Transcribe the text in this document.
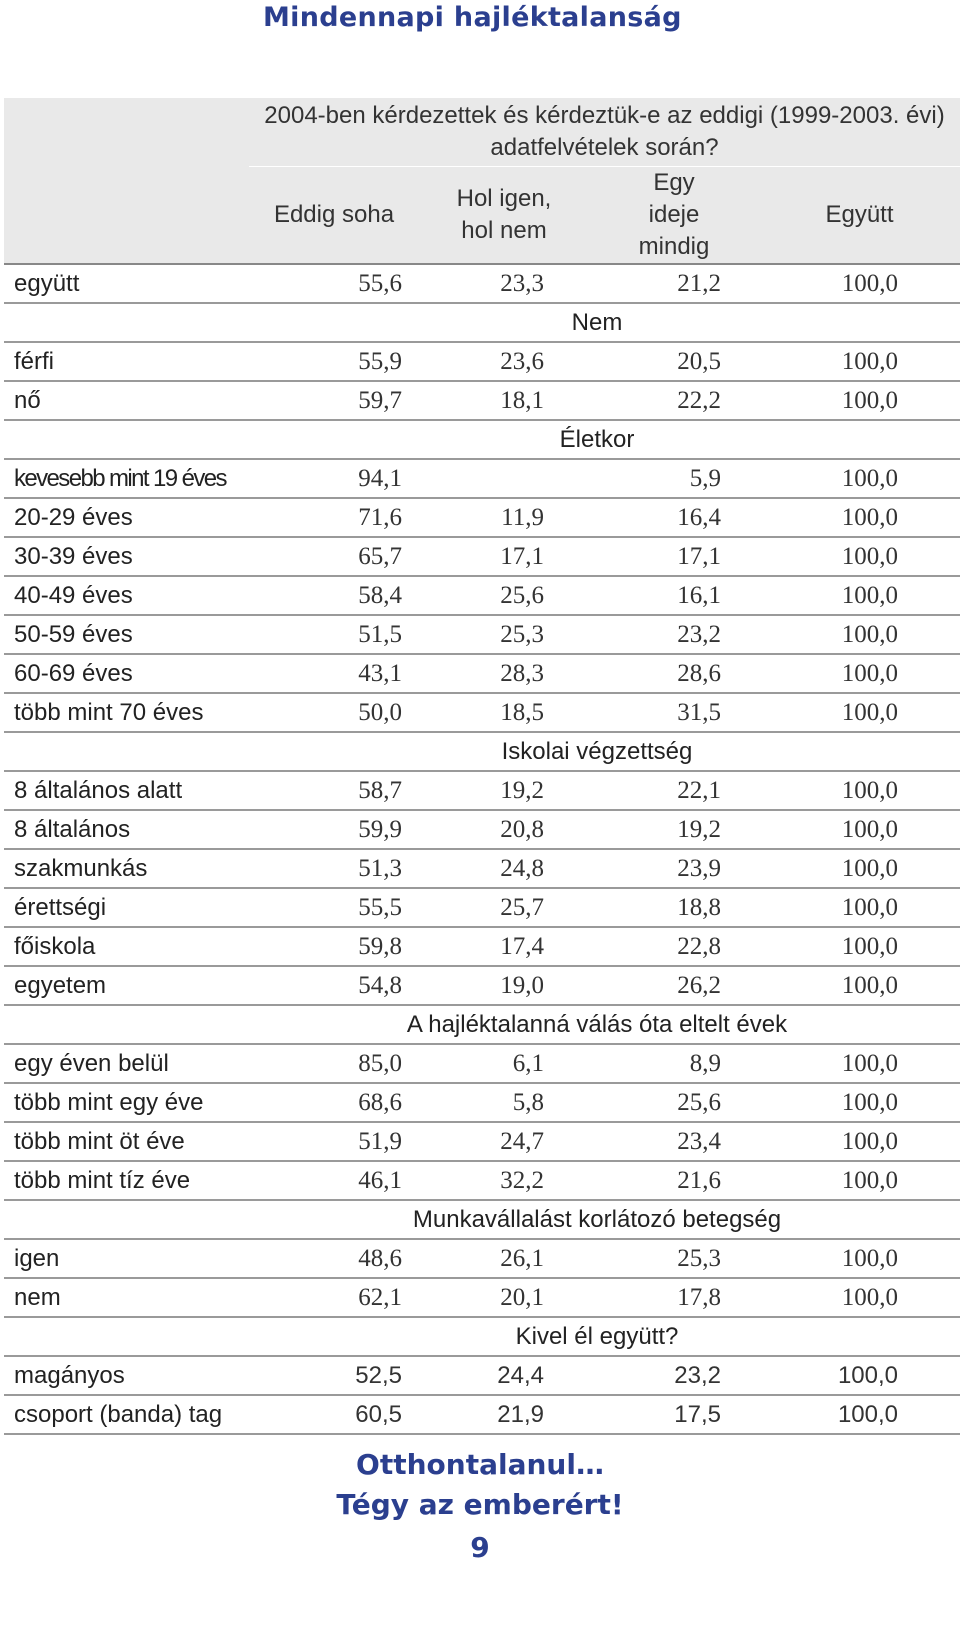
Mindennapi hajléktalanság
	2004-ben kérdezettek és kérdeztük-e az eddigi (1999-2003. évi) adatfelvételek során?			
	Eddig soha	Hol igen, hol nem	Egy ideje mindig	Együtt
együtt	55,6	23,3	21,2	100,0
Nem				
férfi	55,9	23,6	20,5	100,0
nő	59,7	18,1	22,2	100,0
Életkor				
kevesebb mint 19 éves	94,1		5,9	100,0
20-29 éves	71,6	11,9	16,4	100,0
30-39 éves	65,7	17,1	17,1	100,0
40-49 éves	58,4	25,6	16,1	100,0
50-59 éves	51,5	25,3	23,2	100,0
60-69 éves	43,1	28,3	28,6	100,0
több mint 70 éves	50,0	18,5	31,5	100,0
Iskolai végzettség				
8 általános alatt	58,7	19,2	22,1	100,0
8 általános	59,9	20,8	19,2	100,0
szakmunkás	51,3	24,8	23,9	100,0
érettségi	55,5	25,7	18,8	100,0
főiskola	59,8	17,4	22,8	100,0
egyetem	54,8	19,0	26,2	100,0
A hajléktalanná válás óta eltelt évek				
egy éven belül	85,0	6,1	8,9	100,0
több mint egy éve	68,6	5,8	25,6	100,0
több mint öt éve	51,9	24,7	23,4	100,0
több mint tíz éve	46,1	32,2	21,6	100,0
Munkavállalást korlátozó betegség				
igen	48,6	26,1	25,3	100,0
nem	62,1	20,1	17,8	100,0
Kivel él együtt?				
magányos	52,5	24,4	23,2	100,0
csoport (banda) tag	60,5	21,9	17,5	100,0
Otthontalanul…
Tégy az emberért!
9
